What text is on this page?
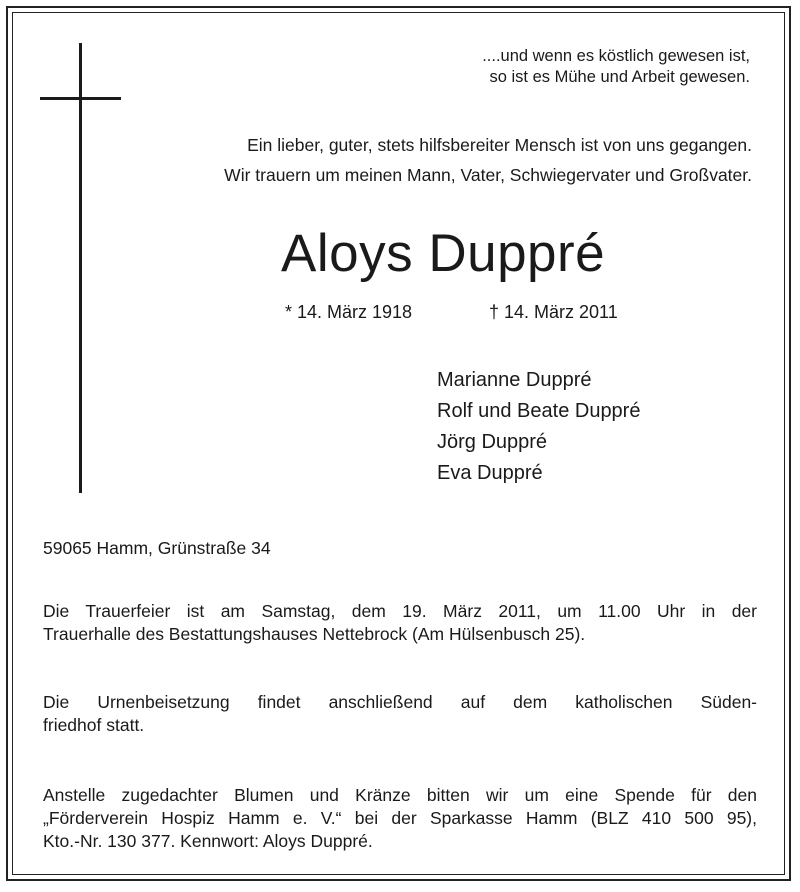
....und wenn es köstlich gewesen ist,
so ist es Mühe und Arbeit gewesen.
Ein lieber, guter, stets hilfsbereiter Mensch ist von uns gegangen.
Wir trauern um meinen Mann, Vater, Schwiegervater und Großvater.
Aloys Duppré
* 14. März 1918	† 14. März 2011
Marianne Duppré
Rolf und Beate Duppré
Jörg Duppré
Eva Duppré
59065 Hamm, Grünstraße 34
Die Trauerfeier ist am Samstag, dem 19. März 2011, um 11.00 Uhr in der
Trauerhalle des Bestattungshauses Nettebrock (Am Hülsenbusch 25).
Die Urnenbeisetzung findet anschließend auf dem katholischen Süden-
friedhof statt.
Anstelle zugedachter Blumen und Kränze bitten wir um eine Spende für den
„Förderverein Hospiz Hamm e. V.“ bei der Sparkasse Hamm (BLZ 410 500 95),
Kto.-Nr. 130 377. Kennwort: Aloys Duppré.
